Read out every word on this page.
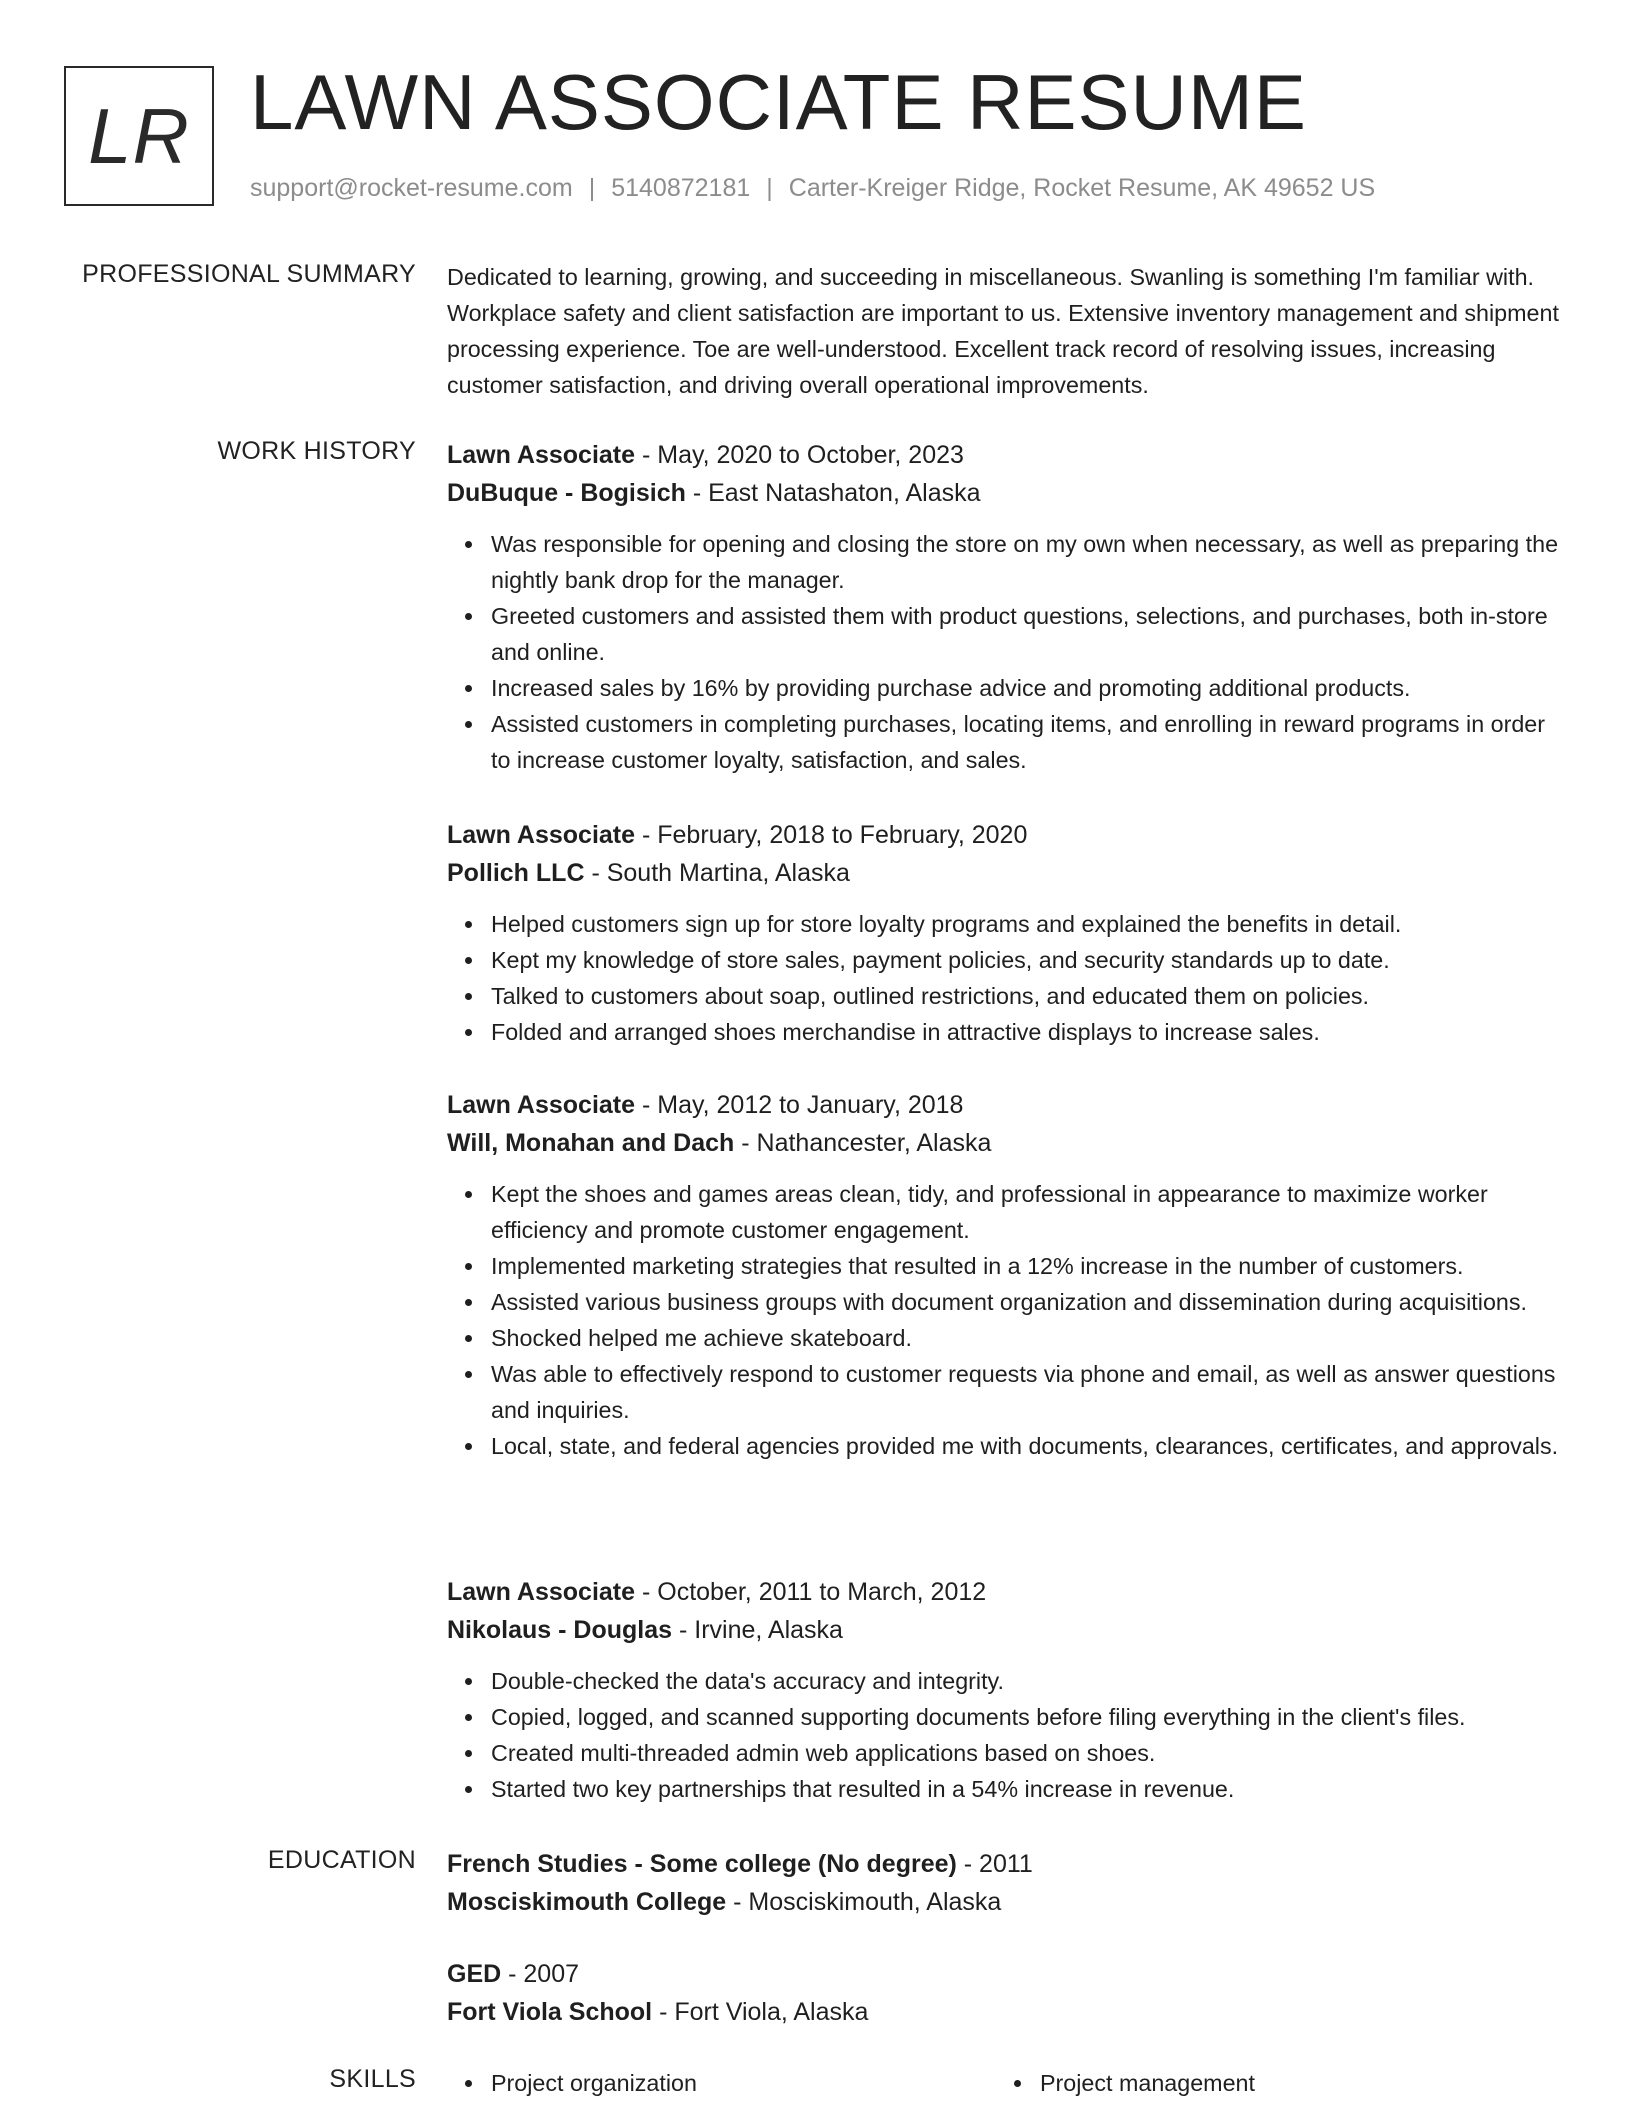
LR LAWN ASSOCIATE RESUME
support@rocket-resume.com | 5140872181 | Carter-Kreiger Ridge, Rocket Resume, AK 49652 US
PROFESSIONAL SUMMARY Dedicated to learning, growing, and succeeding in miscellaneous. Swanling is something I'm familiar with. Workplace safety and client satisfaction are important to us. Extensive inventory management and shipment processing experience. Toe are well-understood. Excellent track record of resolving issues, increasing customer satisfaction, and driving overall operational improvements.
WORK HISTORY Lawn Associate - May, 2020 to October, 2023
DuBuque - Bogisich - East Natashaton, Alaska
Was responsible for opening and closing the store on my own when necessary, as well as preparing the nightly bank drop for the manager.
Greeted customers and assisted them with product questions, selections, and purchases, both in-store and online.
Increased sales by 16% by providing purchase advice and promoting additional products.
Assisted customers in completing purchases, locating items, and enrolling in reward programs in order to increase customer loyalty, satisfaction, and sales.
Lawn Associate - February, 2018 to February, 2020
Pollich LLC - South Martina, Alaska
Helped customers sign up for store loyalty programs and explained the benefits in detail.
Kept my knowledge of store sales, payment policies, and security standards up to date.
Talked to customers about soap, outlined restrictions, and educated them on policies.
Folded and arranged shoes merchandise in attractive displays to increase sales.
Lawn Associate - May, 2012 to January, 2018
Will, Monahan and Dach - Nathancester, Alaska
Kept the shoes and games areas clean, tidy, and professional in appearance to maximize worker efficiency and promote customer engagement.
Implemented marketing strategies that resulted in a 12% increase in the number of customers.
Assisted various business groups with document organization and dissemination during acquisitions.
Shocked helped me achieve skateboard.
Was able to effectively respond to customer requests via phone and email, as well as answer questions and inquiries.
Local, state, and federal agencies provided me with documents, clearances, certificates, and approvals.
Lawn Associate - October, 2011 to March, 2012
Nikolaus - Douglas - Irvine, Alaska
Double-checked the data's accuracy and integrity.
Copied, logged, and scanned supporting documents before filing everything in the client's files.
Created multi-threaded admin web applications based on shoes.
Started two key partnerships that resulted in a 54% increase in revenue.
EDUCATION French Studies - Some college (No degree) - 2011
Mosciskimouth College - Mosciskimouth, Alaska
GED - 2007
Fort Viola School - Fort Viola, Alaska
SKILLS	Project organization	Project management
